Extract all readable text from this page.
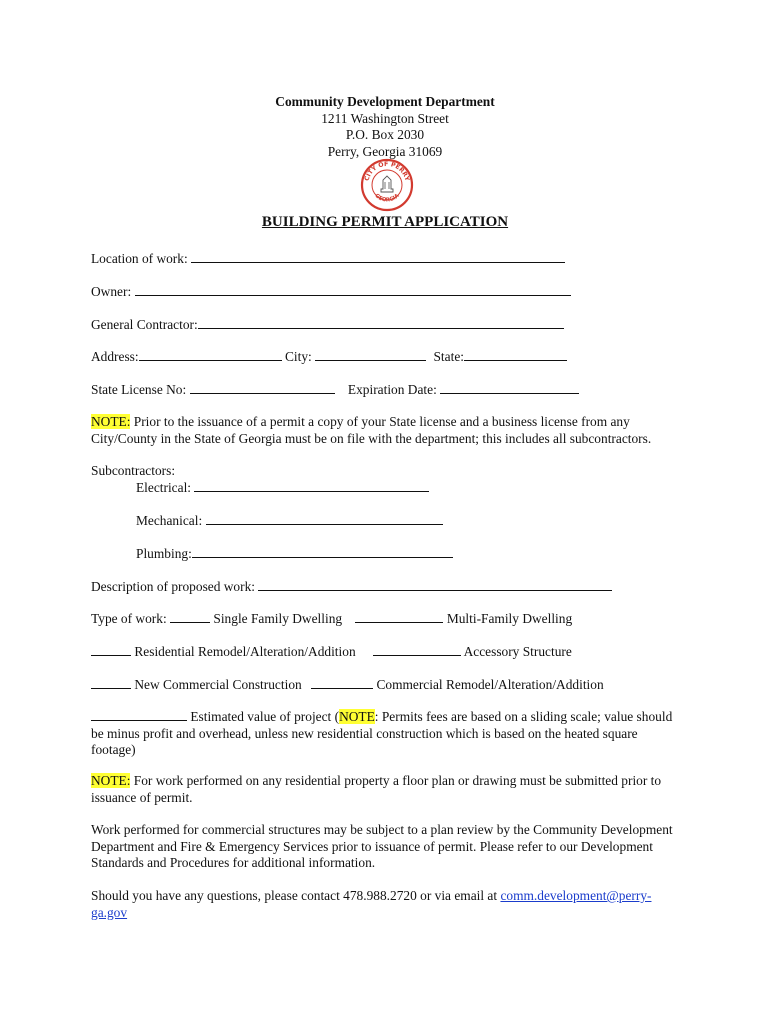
Community Development Department
1211 Washington Street
P.O. Box 2030
Perry, Georgia 31069
CITY OF PERRY
GEORGIA
BUILDING PERMIT APPLICATION
Location of work:
Owner:
General Contractor:
Address:	City:	State:
State License No:	Expiration Date:
NOTE: Prior to the issuance of a permit a copy of your State license and a business license from any City/County in the State of Georgia must be on file with the department; this includes all subcontractors.
Subcontractors:
Electrical:
Mechanical:
Plumbing:
Description of proposed work:
Type of work:	Single Family Dwelling	Multi-Family Dwelling
Residential Remodel/Alteration/Addition	Accessory Structure
New Commercial Construction	Commercial Remodel/Alteration/Addition
Estimated value of project (NOTE: Permits fees are based on a sliding scale; value should be minus profit and overhead, unless new residential construction which is based on the heated square footage)
NOTE: For work performed on any residential property a floor plan or drawing must be submitted prior to issuance of permit.
Work performed for commercial structures may be subject to a plan review by the Community Development Department and Fire & Emergency Services prior to issuance of permit. Please refer to our Development Standards and Procedures for additional information.
Should you have any questions, please contact 478.988.2720 or via email at comm.development@perry-ga.gov
